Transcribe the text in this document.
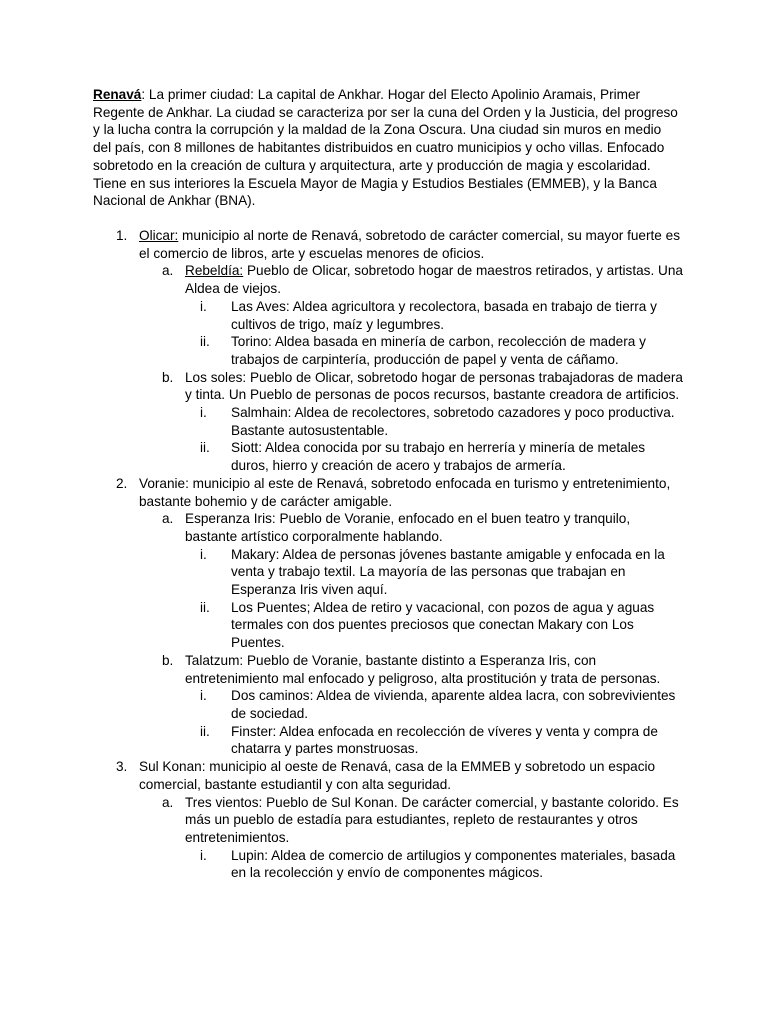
Renavá: La primer ciudad: La capital de Ankhar. Hogar del Electo Apolinio Aramais, Primer Regente de Ankhar. La ciudad se caracteriza por ser la cuna del Orden y la Justicia, del progreso y la lucha contra la corrupción y la maldad de la Zona Oscura. Una ciudad sin muros en medio del país, con 8 millones de habitantes distribuidos en cuatro municipios y ocho villas. Enfocado sobretodo en la creación de cultura y arquitectura, arte y producción de magia y escolaridad. Tiene en sus interiores la Escuela Mayor de Magia y Estudios Bestiales (EMMEB), y la Banca Nacional de Ankhar (BNA).

1. Olicar: municipio al norte de Renavá, sobretodo de carácter comercial, su mayor fuerte es el comercio de libros, arte y escuelas menores de oficios.
a. Rebeldía: Pueblo de Olicar, sobretodo hogar de maestros retirados, y artistas. Una Aldea de viejos.
i. Las Aves: Aldea agricultora y recolectora, basada en trabajo de tierra y cultivos de trigo, maíz y legumbres.
ii. Torino: Aldea basada en minería de carbon, recolección de madera y trabajos de carpintería, producción de papel y venta de cáñamo.
b. Los soles: Pueblo de Olicar, sobretodo hogar de personas trabajadoras de madera y tinta. Un Pueblo de personas de pocos recursos, bastante creadora de artificios.
i. Salmhain: Aldea de recolectores, sobretodo cazadores y poco productiva. Bastante autosustentable.
ii. Siott: Aldea conocida por su trabajo en herrería y minería de metales duros, hierro y creación de acero y trabajos de armería.
2. Voranie: municipio al este de Renavá, sobretodo enfocada en turismo y entretenimiento, bastante bohemio y de carácter amigable.
a. Esperanza Iris: Pueblo de Voranie, enfocado en el buen teatro y tranquilo, bastante artístico corporalmente hablando.
i. Makary: Aldea de personas jóvenes bastante amigable y enfocada en la venta y trabajo textil. La mayoría de las personas que trabajan en Esperanza Iris viven aquí.
ii. Los Puentes; Aldea de retiro y vacacional, con pozos de agua y aguas termales con dos puentes preciosos que conectan Makary con Los Puentes.
b. Talatzum: Pueblo de Voranie, bastante distinto a Esperanza Iris, con entretenimiento mal enfocado y peligroso, alta prostitución y trata de personas.
i. Dos caminos: Aldea de vivienda, aparente aldea lacra, con sobrevivientes de sociedad.
ii. Finster: Aldea enfocada en recolección de víveres y venta y compra de chatarra y partes monstruosas.
3. Sul Konan: municipio al oeste de Renavá, casa de la EMMEB y sobretodo un espacio comercial, bastante estudiantil y con alta seguridad.
a. Tres vientos: Pueblo de Sul Konan. De carácter comercial, y bastante colorido. Es más un pueblo de estadía para estudiantes, repleto de restaurantes y otros entretenimientos.
i. Lupin: Aldea de comercio de artilugios y componentes materiales, basada en la recolección y envío de componentes mágicos.
